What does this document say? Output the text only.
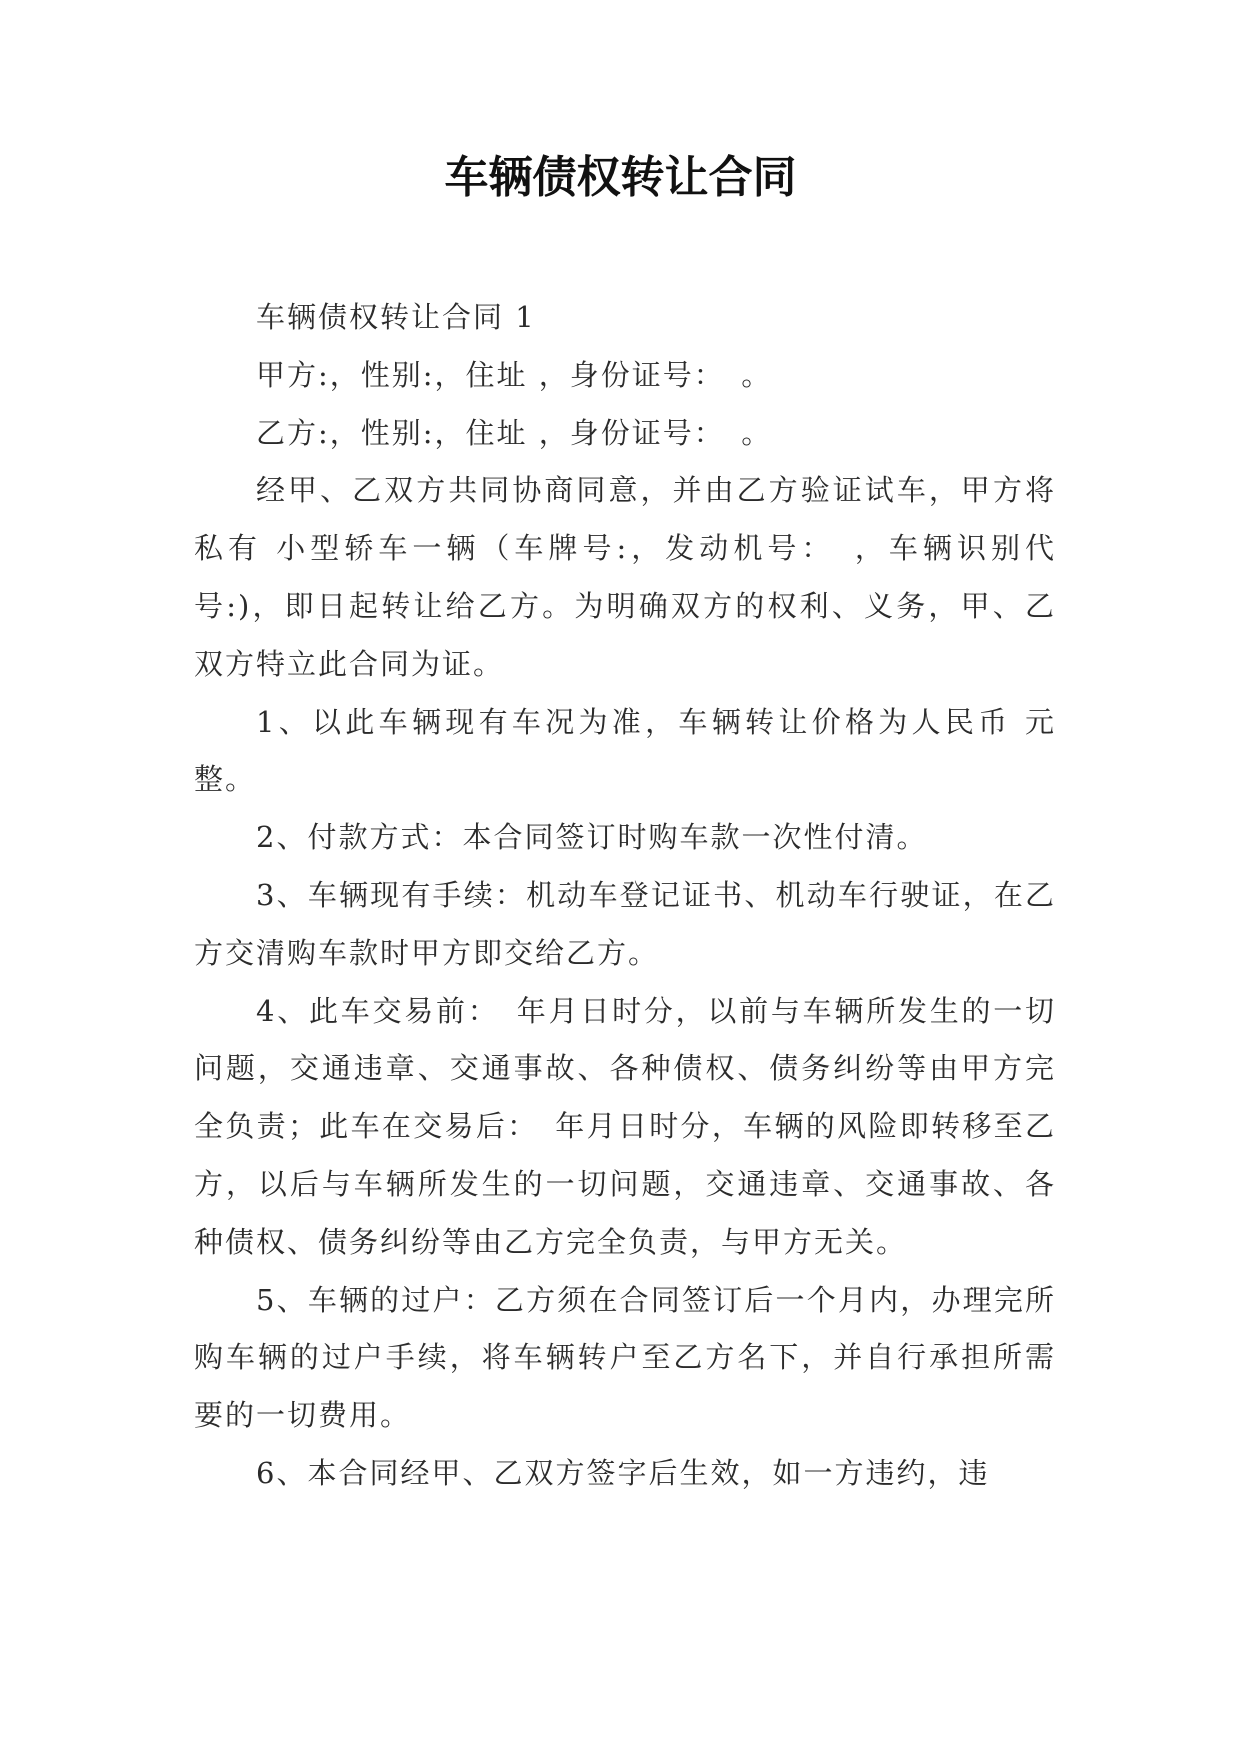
车辆债权转让合同

车辆债权转让合同 1

甲方:，性别:，住址 ，身份证号：　。

乙方:，性别:，住址 ，身份证号：　。

经甲、乙双方共同协商同意，并由乙方验证试车，甲方将私有 小型轿车一辆（车牌号:，发动机号：　，车辆识别代号:)，即日起转让给乙方。为明确双方的权利、义务，甲、乙双方特立此合同为证。

1、以此车辆现有车况为准，车辆转让价格为人民币 元整。

2、付款方式：本合同签订时购车款一次性付清。

3、车辆现有手续：机动车登记证书、机动车行驶证，在乙方交清购车款时甲方即交给乙方。

4、此车交易前：　年月日时分，以前与车辆所发生的一切问题，交通违章、交通事故、各种债权、债务纠纷等由甲方完全负责；此车在交易后：　年月日时分，车辆的风险即转移至乙方，以后与车辆所发生的一切问题，交通违章、交通事故、各种债权、债务纠纷等由乙方完全负责，与甲方无关。

5、车辆的过户：乙方须在合同签订后一个月内，办理完所购车辆的过户手续，将车辆转户至乙方名下，并自行承担所需要的一切费用。

6、本合同经甲、乙双方签字后生效，如一方违约，违
